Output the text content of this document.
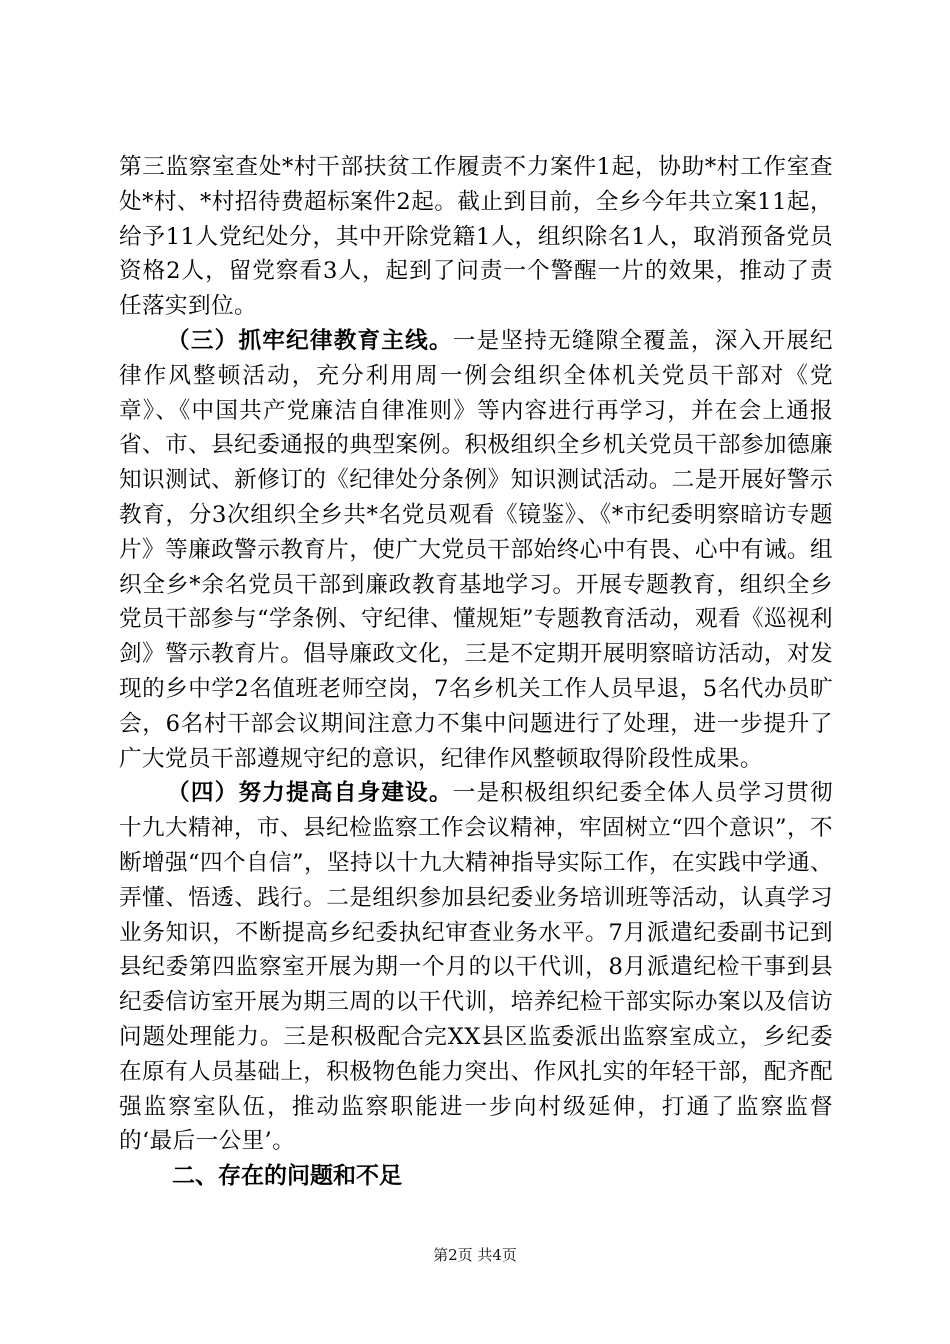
第三监察室查处*村干部扶贫工作履责不力案件1起，协助*村工作室查处*村、*村招待费超标案件2起。截止到目前，全乡今年共立案11起，给予11人党纪处分，其中开除党籍1人，组织除名1人，取消预备党员资格2人，留党察看3人，起到了问责一个警醒一片的效果，推动了责任落实到位。

（三）抓牢纪律教育主线。一是坚持无缝隙全覆盖，深入开展纪律作风整顿活动，充分利用周一例会组织全体机关党员干部对《党章》、《中国共产党廉洁自律准则》等内容进行再学习，并在会上通报省、市、县纪委通报的典型案例。积极组织全乡机关党员干部参加德廉知识测试、新修订的《纪律处分条例》知识测试活动。二是开展好警示教育，分3次组织全乡共*名党员观看《镜鉴》、《*市纪委明察暗访专题片》等廉政警示教育片，使广大党员干部始终心中有畏、心中有诫。组织全乡*余名党员干部到廉政教育基地学习。开展专题教育，组织全乡党员干部参与“学条例、守纪律、懂规矩”专题教育活动，观看《巡视利剑》警示教育片。倡导廉政文化，三是不定期开展明察暗访活动，对发现的乡中学2名值班老师空岗，7名乡机关工作人员早退，5名代办员旷会，6名村干部会议期间注意力不集中问题进行了处理，进一步提升了广大党员干部遵规守纪的意识，纪律作风整顿取得阶段性成果。

（四）努力提高自身建设。一是积极组织纪委全体人员学习贯彻十九大精神，市、县纪检监察工作会议精神，牢固树立“四个意识”，不断增强“四个自信”，坚持以十九大精神指导实际工作，在实践中学通、弄懂、悟透、践行。二是组织参加县纪委业务培训班等活动，认真学习业务知识，不断提高乡纪委执纪审查业务水平。7月派遣纪委副书记到县纪委第四监察室开展为期一个月的以干代训，8月派遣纪检干事到县纪委信访室开展为期三周的以干代训，培养纪检干部实际办案以及信访问题处理能力。三是积极配合完XX县区监委派出监察室成立，乡纪委在原有人员基础上，积极物色能力突出、作风扎实的年轻干部，配齐配强监察室队伍，推动监察职能进一步向村级延伸，打通了监察监督的‘最后一公里’。

二、存在的问题和不足

第2页 共4页
